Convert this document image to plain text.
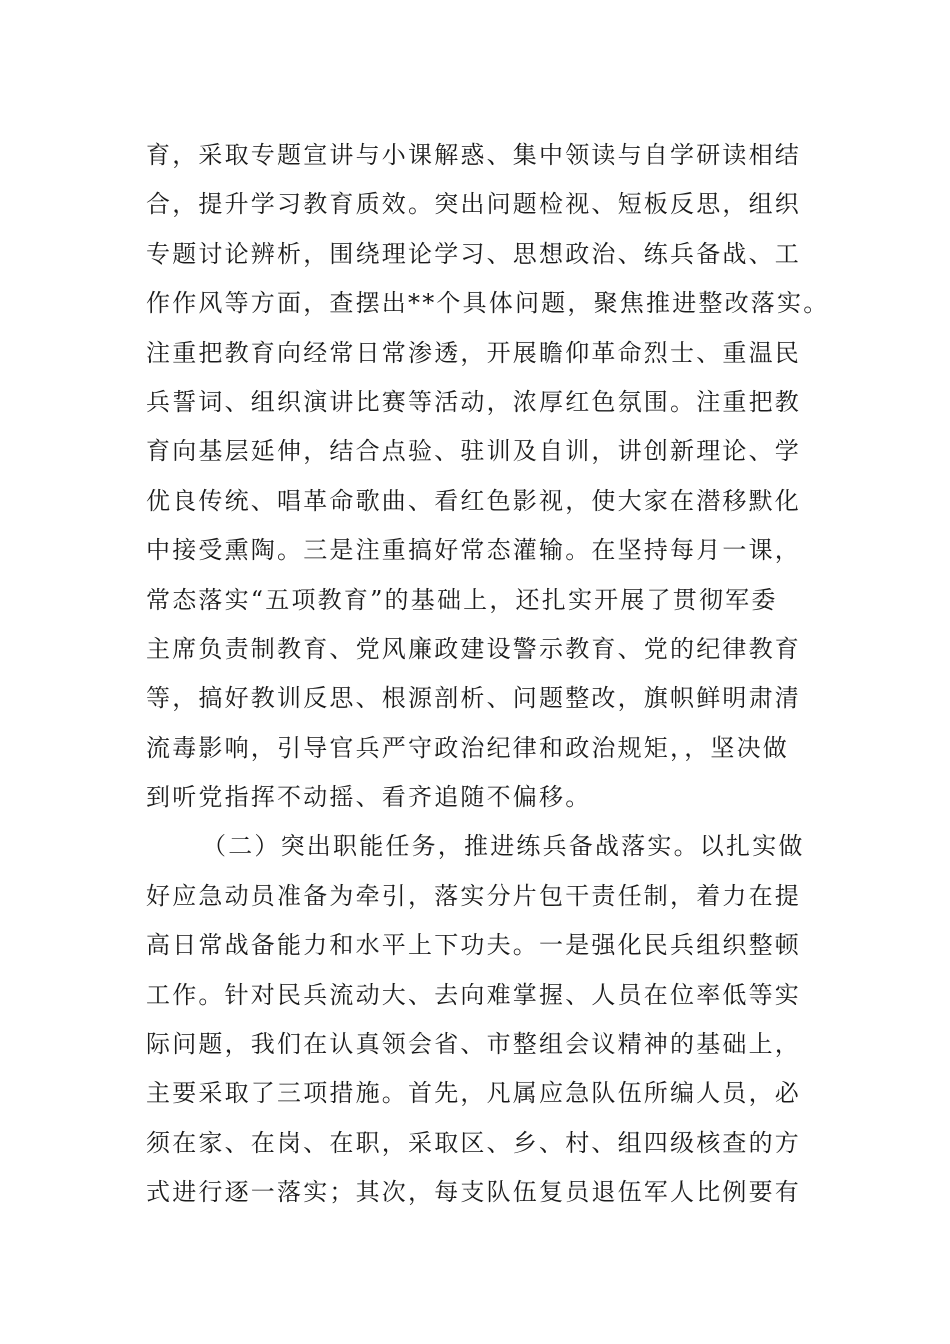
育，采取专题宣讲与小课解惑、集中领读与自学研读相结
合，提升学习教育质效。突出问题检视、短板反思，组织
专题讨论辨析，围绕理论学习、思想政治、练兵备战、工
作作风等方面，查摆出**个具体问题，聚焦推进整改落实。
注重把教育向经常日常渗透，开展瞻仰革命烈士、重温民
兵誓词、组织演讲比赛等活动，浓厚红色氛围。注重把教
育向基层延伸，结合点验、驻训及自训，讲创新理论、学
优良传统、唱革命歌曲、看红色影视，使大家在潜移默化
中接受熏陶。三是注重搞好常态灌输。在坚持每月一课，
常态落实“五项教育”的基础上，还扎实开展了贯彻军委
主席负责制教育、党风廉政建设警示教育、党的纪律教育
等，搞好教训反思、根源剖析、问题整改，旗帜鲜明肃清
流毒影响，引导官兵严守政治纪律和政治规矩，，坚决做
到听党指挥不动摇、看齐追随不偏移。
（二）突出职能任务，推进练兵备战落实。以扎实做
好应急动员准备为牵引，落实分片包干责任制，着力在提
高日常战备能力和水平上下功夫。一是强化民兵组织整顿
工作。针对民兵流动大、去向难掌握、人员在位率低等实
际问题，我们在认真领会省、市整组会议精神的基础上，
主要采取了三项措施。首先，凡属应急队伍所编人员，必
须在家、在岗、在职，采取区、乡、村、组四级核查的方
式进行逐一落实；其次，每支队伍复员退伍军人比例要有
